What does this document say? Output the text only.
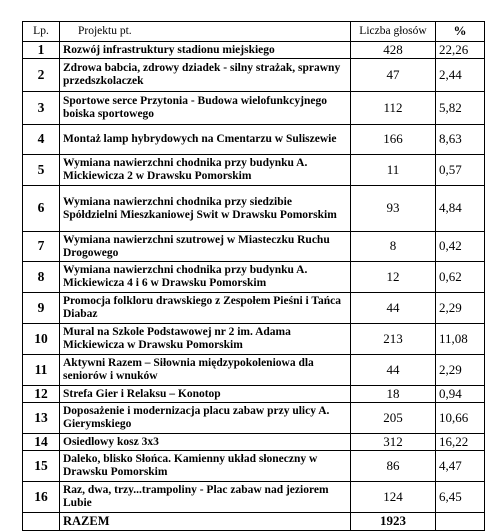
Lp.	Projektu pt.	Liczba głosów	%
1	Rozwój infrastruktury stadionu miejskiego	428	22,26
2	Zdrowa babcia, zdrowy dziadek - silny strażak, sprawny przedszkolaczek	47	2,44
3	Sportowe serce Przytonia - Budowa wielofunkcyjnego boiska sportowego	112	5,82
4	Montaż lamp hybrydowych na Cmentarzu w Suliszewie	166	8,63
5	Wymiana nawierzchni chodnika przy budynku A. Mickiewicza 2 w Drawsku Pomorskim	11	0,57
6	Wymiana nawierzchni chodnika przy siedzibie Spółdzielni Mieszkaniowej Swit w Drawsku Pomorskim	93	4,84
7	Wymiana nawierzchni szutrowej w Miasteczku Ruchu Drogowego	8	0,42
8	Wymiana nawierzchni chodnika przy budynku A. Mickiewicza 4 i 6 w Drawsku Pomorskim	12	0,62
9	Promocja folkloru drawskiego z Zespołem Pieśni i Tańca Diabaz	44	2,29
10	Mural na Szkole Podstawowej nr 2 im. Adama Mickiewicza w Drawsku Pomorskim	213	11,08
11	Aktywni Razem – Siłownia międzypokoleniowa dla seniorów i wnuków	44	2,29
12	Strefa Gier i Relaksu – Konotop	18	0,94
13	Doposażenie i modernizacja placu zabaw przy ulicy A. Gierymskiego	205	10,66
14	Osiedlowy kosz 3x3	312	16,22
15	Daleko, blisko Słońca. Kamienny układ słoneczny w Drawsku Pomorskim	86	4,47
16	Raz, dwa, trzy...trampoliny - Plac zabaw nad jeziorem Lubie	124	6,45
	RAZEM	1923	
